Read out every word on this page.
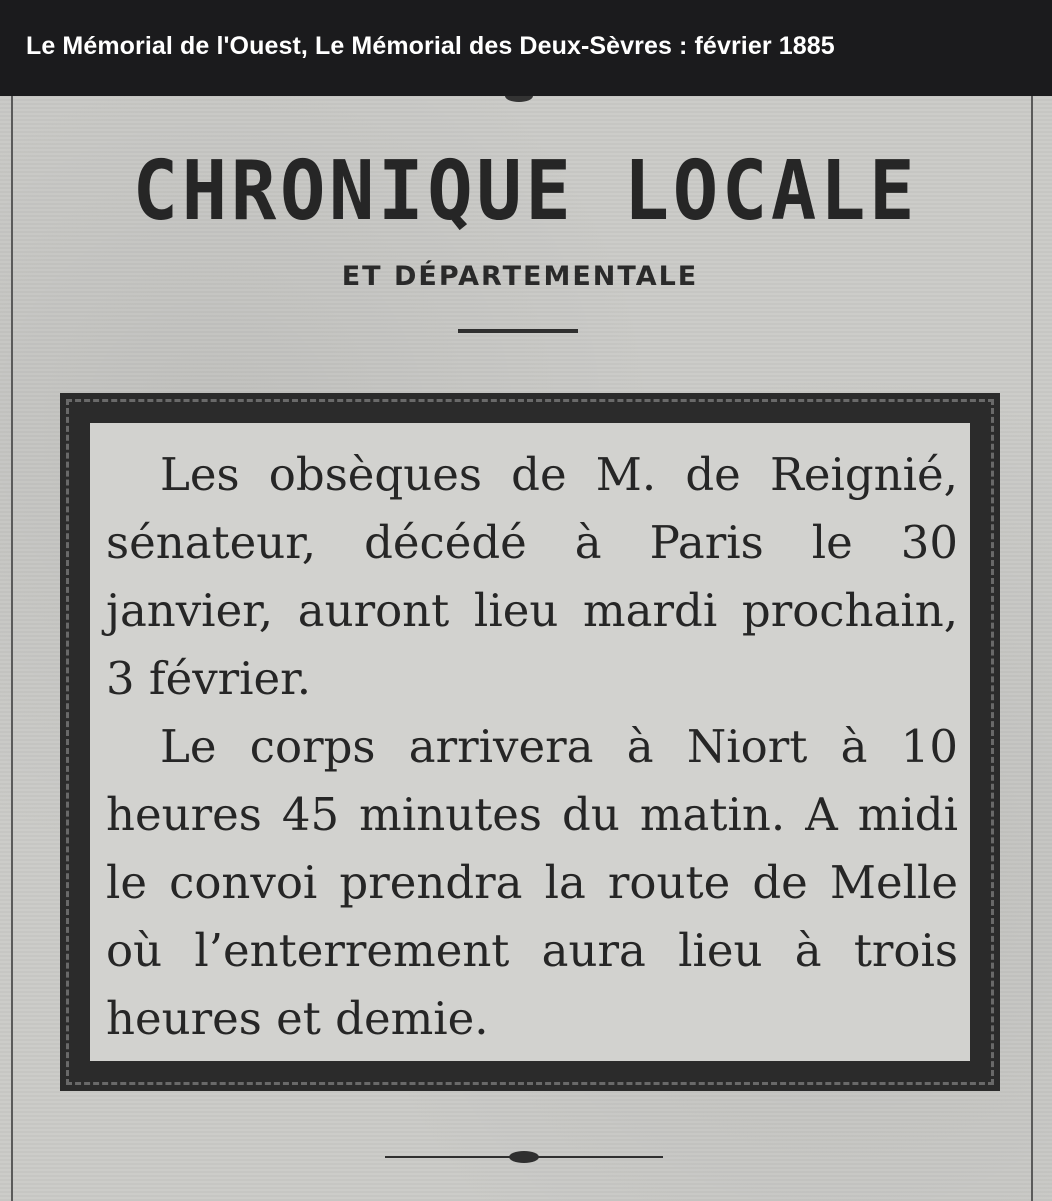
Le Mémorial de l'Ouest, Le Mémorial des Deux-Sèvres : février 1885
CHRONIQUE LOCALE
ET DÉPARTEMENTALE

Les obsèques de M. de Reignié, sénateur, décédé à Paris le 30 janvier, auront lieu mardi prochain, 3 février.

Le corps arrivera à Niort à 10 heures 45 minutes du matin. A midi le convoi prendra la route de Melle où l’enterrement aura lieu à trois heures et demie.
